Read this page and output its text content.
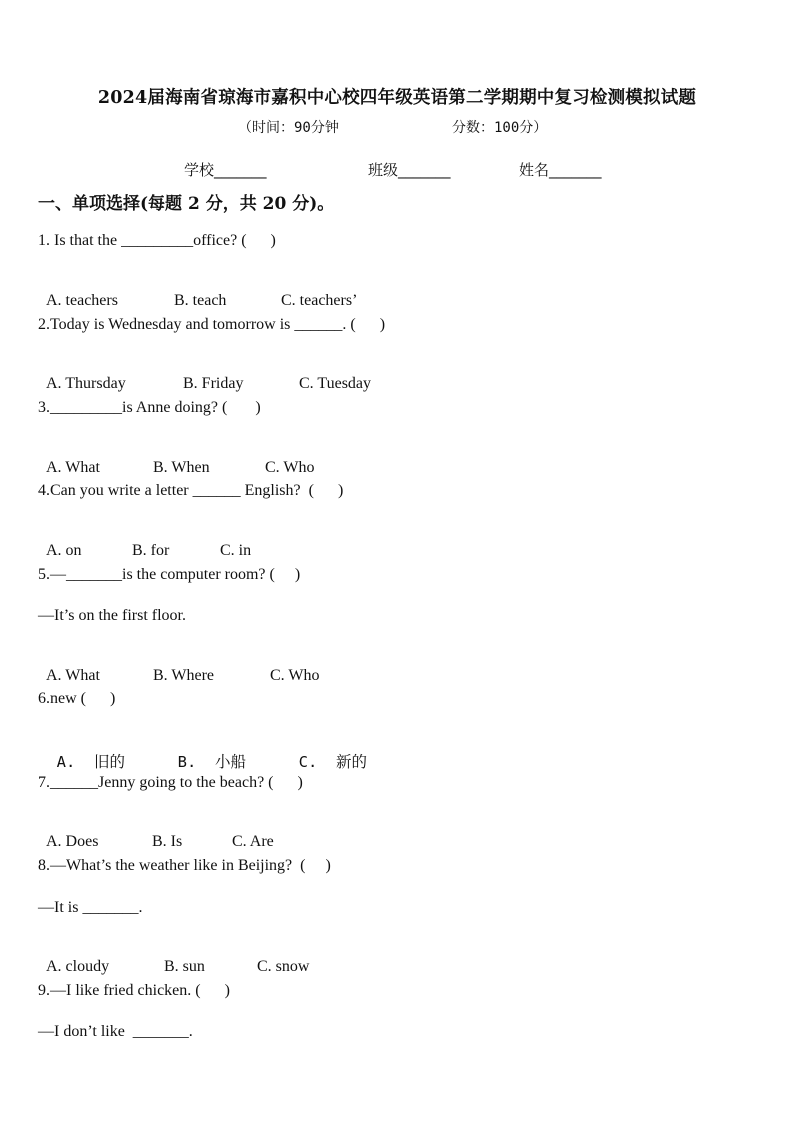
2024届海南省琼海市嘉积中心校四年级英语第二学期期中复习检测模拟试题
（时间：90分钟	分数：100分）
学校_______	班级_______	姓名_______
一、单项选择(每题 2 分，共 20 分)。
1. Is that the _________office? (      )

A. teachers	B. teach	C. teachers’

2.Today is Wednesday and tomorrow is ______. (      )

A. Thursday	B. Friday	C. Tuesday

3._________is Anne doing? (       )

A. What	B. When	C. Who

4.Can you write a letter ______ English?  (      )

A. on	B. for	C. in

5.—_______is the computer room? (     )
—It’s on the first floor.

A. What	B. Where	C. Who

6.new (      )

A.  旧的	B.  小船	C.  新的

7.______Jenny going to the beach? (      )

A. Does	B. Is	C. Are

8.—What’s the weather like in Beijing?  (     )
—It is _______.

A. cloudy	B. sun	C. snow

9.—I like fried chicken. (      )
—I don’t like  _______.
